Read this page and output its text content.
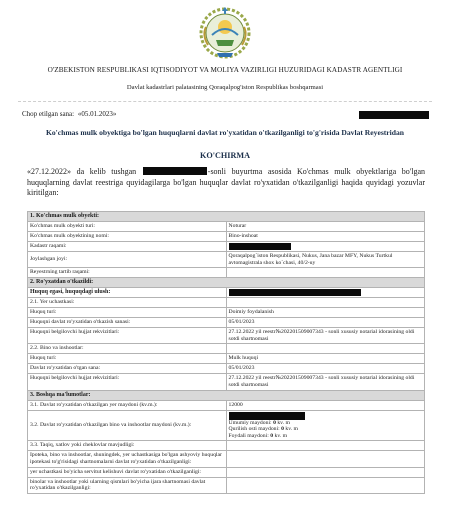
O'ZBEKISTON RESPUBLIKASI IQTISODIYOT VA MOLIYA VAZIRLIGI HUZURIDAGI KADASTR AGENTLIGI
Davlat kadastrlari palatasining Qoraqalpog'iston Respublikas boshqarmasi
Chop etilgan sana: «05.01.2023»
Ko'chmas mulk obyektiga bo'lgan huquqlarni davlat ro'yxatidan o'tkazilganligi to'g'risida Davlat Reyestridan
KO'CHIRMA
«27.12.2022» da kelib tushgan	-sonli buyurtma asosida Ko'chmas mulk obyektlariga bo'lgan huquqlarning davlat reestriga quyidagilarga bo'lgan huquqlar davlat ro'yxatidan o'tkazilganligi haqida quyidagi yozuvlar kiritilgan:
1. Ko'chmas mulk obyekti:	
Ko'chmas mulk obyekti turi:	Noturar
Ko'chmas mulk obyektining nomi:	Bino-inshoat
Kadastr raqami:	
Joylashgan joyi:	Qoraqalpog`iston Respublikasi, Nukus, Jana bazar MFY, Nukus Turtkul avtomagistrala shox ko`chasi, 40/2-uy
Reyestrning tartib raqami:	
2. Ro'yxatdan o'tkazildi:	
Huquq egasi, huquqdagi ulush:	
2.1. Yer uchastkasi:	
Huquq turi:	Doimiy foydalanish
Huquqni davlat ro'yxatidan o'tkazish sanasi:	05/01/2023
Huquqni belgilovchi hujjat rekvizitlari:	27.12.2022 yil reestr№202201509007343 - sonli xususiy notarial idorasining oldi sotdi shartnomasi
2.2. Bino va inshootlar:	
Huquq turi:	Mulk huquqi
Davlat ro'yxatidan o'tgan sana:	05/01/2023
Huquqni belgilovchi hujjat rekvizitlari:	27.12.2022 yil reestr№202201509007343 - sonli xususiy notarial idorasining oldi sotdi shartnomasi
3. Boshqa ma'lumotlar:	
3.1. Davlat ro'yxatidan o'tkazilgan yer maydoni (kv.m.):	12000
3.2. Davlat ro'yxatidan o'tkazilgan bino va inshootlar maydoni (kv.m.):	Umumiy maydoni: 0 kv. m
Qurilish osti maydoni: 0 kv. m
Foydali maydoni: 0 kv. m
3.3. Taqiq, xatlov yoki cheklovlar mavjudligi:	
Ipoteka, bino va inshootlar, shuningdek, yer uchastkasiga bo'lgan ashyoviy huquqlar ipotekasi to'g'risidagi shartnomalarni davlat ro'yxatidan o'tkazilganligi:	
yer uchastkasi bo'yicha servitut kelishuvi davlat ro'yxatidan o'tkazilganligi:	
binolar va inshootlar yoki ularning qismlari bo'yicha ijara shartnomasi davlat ro'yxatidan o'tkazilganligi:	
